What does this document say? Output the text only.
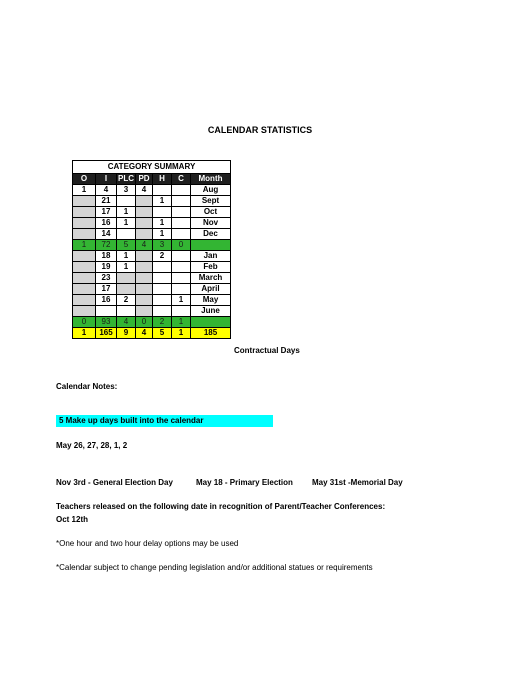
CALENDAR STATISTICS
CATEGORY SUMMARY						
O	I	PLC	PD	H	C	Month
1	4	3	4			Aug
	21			1		Sept
	17	1				Oct
	16	1		1		Nov
	14			1		Dec
1	72	5	4	3	0	
	18	1		2		Jan
	19	1				Feb
	23					March
	17					April
	16	2			1	May
						June
0	93	4	0	2	1	
1	165	9	4	5	1	185
Contractual Days
Calendar Notes:
5 Make up days built into the calendar
May 26, 27, 28, 1, 2
Nov 3rd - General Election Day	May 18 - Primary Election May 31st -Memorial Day
Teachers released on the following date in recognition of Parent/Teacher Conferences:
Oct 12th
*One hour and two hour delay options may be used
*Calendar subject to change pending legislation and/or additional statues or requirements
